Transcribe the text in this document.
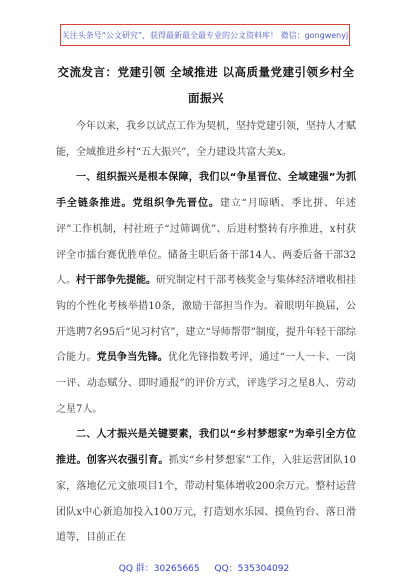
关注头条号“公文研究”，获得最新最全最专业的公文资料库！ 微信：gongwenyj
交流发言：党建引领 全域推进 以高质量党建引领乡村全
面振兴

今年以来，我乡以试点工作为契机，坚持党建引领，坚持人才赋能，全域推进乡村“五大振兴”，全力建设共富大美x。

一、组织振兴是根本保障，我们以“争星晋位、全域建强”为抓手全链条推进。党组织争先晋位。建立“月晾晒、季比拼、年述评”工作机制，村社班子“过筛调优”、后进村整转有序推进，x村获评全市擂台赛优胜单位。储备主职后备干部14人、两委后备干部32人。村干部争先提能。研究制定村干部考核奖金与集体经济增收相挂钩的个性化考核举措10条，激励干部担当作为。着眼明年换届，公开选聘7名95后“见习村官”，建立“导师帮带”制度，提升年轻干部综合能力。党员争当先锋。优化先锋指数考评，通过“一人一卡、一岗一评、动态赋分、即时通报”的评价方式，评选学习之星8人、劳动之星7人。

二、人才振兴是关键要素，我们以“乡村梦想家”为牵引全方位推进。创客兴农强引育。抓实“乡村梦想家”工作，入驻运营团队10家，落地亿元文旅项目1个，带动村集体增收200余万元。整村运营团队x中心新追加投入100万元，打造划水乐园、摸鱼钓台、落日滑道等，目前正在

QQ 群：30265665 QQ：535304092
